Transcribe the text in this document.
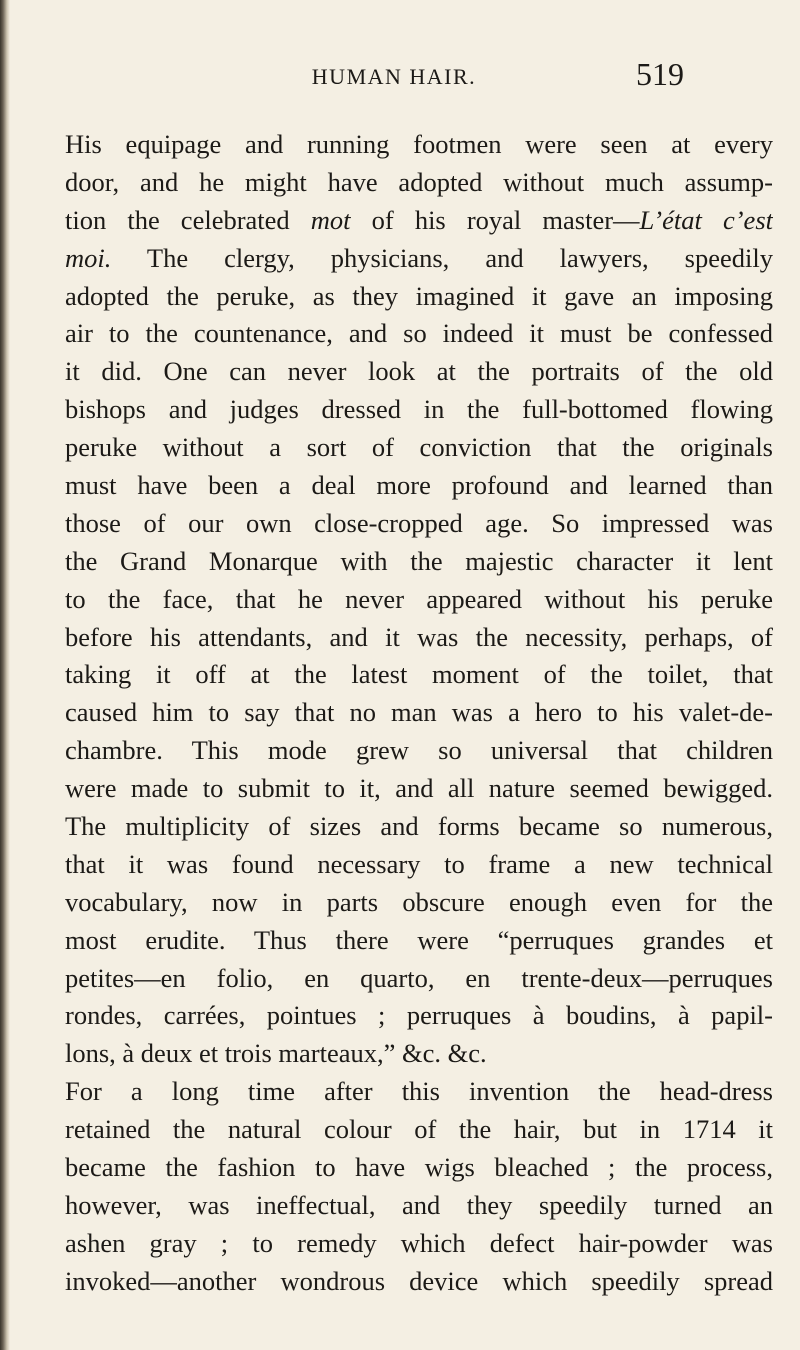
HUMAN HAIR.	519
His equipage and running footmen were seen at every
door, and he might have adopted without much assump-
tion the celebrated mot of his royal master—L’état c’est
moi. The clergy, physicians, and lawyers, speedily
adopted the peruke, as they imagined it gave an imposing
air to the countenance, and so indeed it must be confessed
it did. One can never look at the portraits of the old
bishops and judges dressed in the full-bottomed flowing
peruke without a sort of conviction that the originals
must have been a deal more profound and learned than
those of our own close-cropped age. So impressed was
the Grand Monarque with the majestic character it lent
to the face, that he never appeared without his peruke
before his attendants, and it was the necessity, perhaps, of
taking it off at the latest moment of the toilet, that
caused him to say that no man was a hero to his valet-de-
chambre. This mode grew so universal that children
were made to submit to it, and all nature seemed bewigged.
The multiplicity of sizes and forms became so numerous,
that it was found necessary to frame a new technical
vocabulary, now in parts obscure enough even for the
most erudite. Thus there were “perruques grandes et
petites—en folio, en quarto, en trente-deux—perruques
rondes, carrées, pointues ; perruques à boudins, à papil-
lons, à deux et trois marteaux,” &c. &c.
For a long time after this invention the head-dress
retained the natural colour of the hair, but in 1714 it
became the fashion to have wigs bleached ; the process,
however, was ineffectual, and they speedily turned an
ashen gray ; to remedy which defect hair-powder was
invoked—another wondrous device which speedily spread
